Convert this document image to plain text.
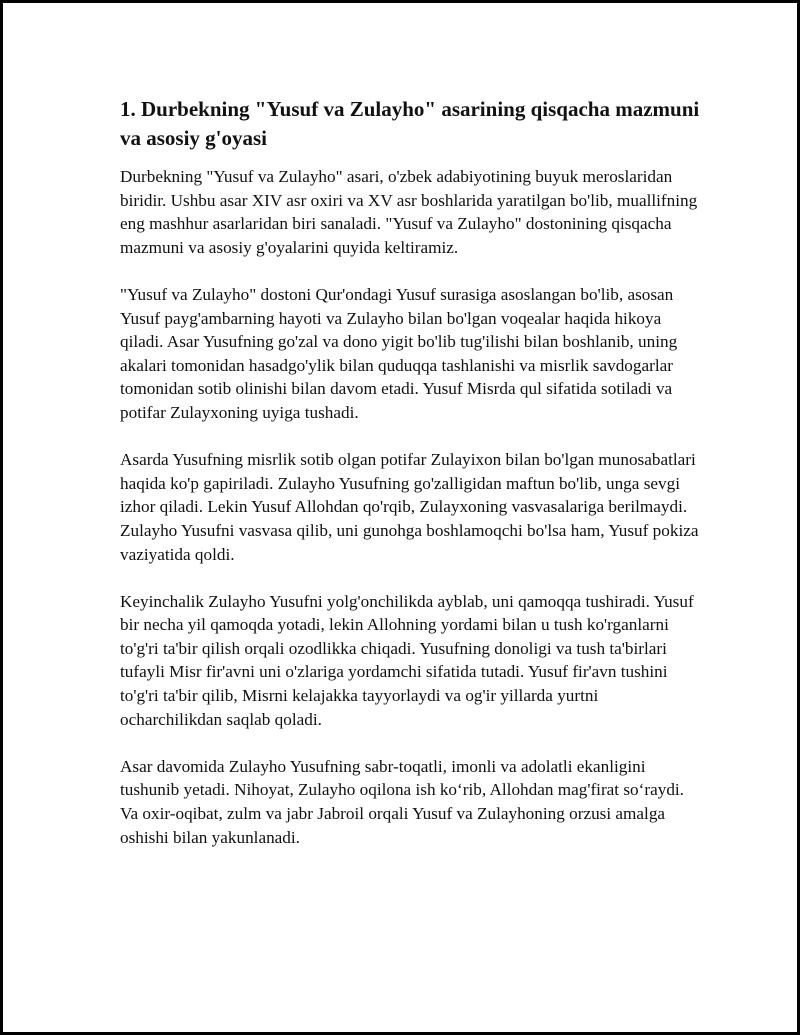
1. Durbekning "Yusuf va Zulayho" asarining qisqacha mazmuni va asosiy g'oyasi

Durbekning "Yusuf va Zulayho" asari, o'zbek adabiyotining buyuk meroslaridan biridir. Ushbu asar XIV asr oxiri va XV asr boshlarida yaratilgan bo'lib, muallifning eng mashhur asarlaridan biri sanaladi. "Yusuf va Zulayho" dostonining qisqacha mazmuni va asosiy g'oyalarini quyida keltiramiz.

"Yusuf va Zulayho" dostoni Qur'ondagi Yusuf surasiga asoslangan bo'lib, asosan Yusuf payg'ambarning hayoti va Zulayho bilan bo'lgan voqealar haqida hikoya qiladi. Asar Yusufning go'zal va dono yigit bo'lib tug'ilishi bilan boshlanib, uning akalari tomonidan hasadgo'ylik bilan quduqqa tashlanishi va misrlik savdogarlar tomonidan sotib olinishi bilan davom etadi. Yusuf Misrda qul sifatida sotiladi va potifar Zulayxoning uyiga tushadi.

Asarda Yusufning misrlik sotib olgan potifar Zulayixon bilan bo'lgan munosabatlari haqida ko'p gapiriladi. Zulayho Yusufning go'zalligidan maftun bo'lib, unga sevgi izhor qiladi. Lekin Yusuf Allohdan qo'rqib, Zulayxoning vasvasalariga berilmaydi. Zulayho Yusufni vasvasa qilib, uni gunohga boshlamoqchi bo'lsa ham, Yusuf pokiza vaziyatida qoldi.

Keyinchalik Zulayho Yusufni yolg'onchilikda ayblab, uni qamoqqa tushiradi. Yusuf bir necha yil qamoqda yotadi, lekin Allohning yordami bilan u tush ko'rganlarni to'g'ri ta'bir qilish orqali ozodlikka chiqadi. Yusufning donoligi va tush ta'birlari tufayli Misr fir'avni uni o'zlariga yordamchi sifatida tutadi. Yusuf fir'avn tushini to'g'ri ta'bir qilib, Misrni kelajakka tayyorlaydi va og'ir yillarda yurtni ocharchilikdan saqlab qoladi.

Asar davomida Zulayho Yusufning sabr-toqatli, imonli va adolatli ekanligini tushunib yetadi. Nihoyat, Zulayho oqilona ish ko‘rib, Allohdan mag'firat so‘raydi. Va oxir-oqibat, zulm va jabr Jabroil orqali Yusuf va Zulayhoning orzusi amalga oshishi bilan yakunlanadi.
